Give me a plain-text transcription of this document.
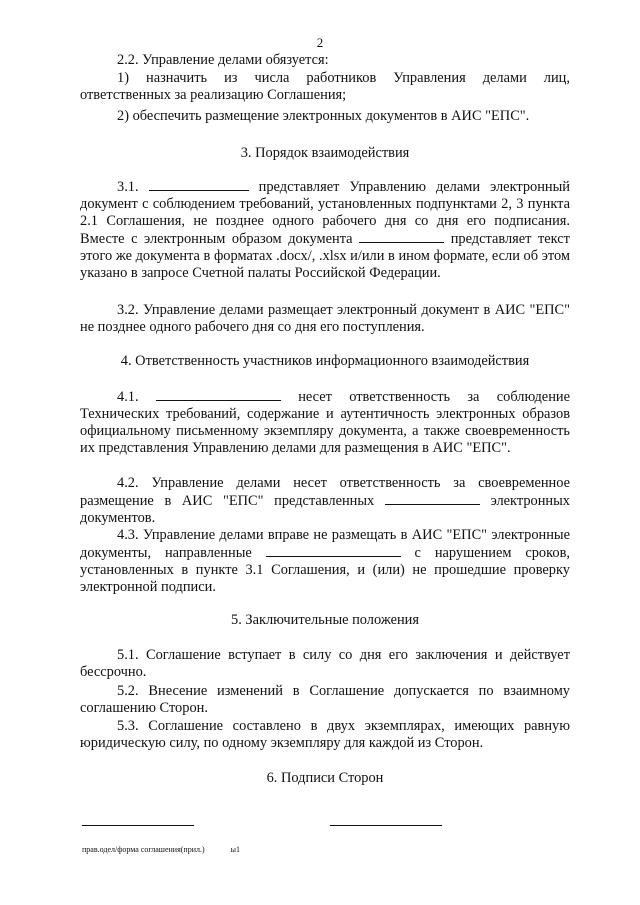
2
2.2. Управление делами обязуется:
1) назначить из числа работников Управления делами лиц, ответственных за реализацию Соглашения;
2) обеспечить размещение электронных документов в АИС "ЕПС".
3. Порядок взаимодействия
3.1.	представляет Управлению делами электронный документ с соблюдением требований, установленных подпунктами 2, 3 пункта 2.1 Соглашения, не позднее одного рабочего дня со дня его подписания. Вместе с электронным образом документа	представляет текст этого же документа в форматах .docx/, .xlsx и/или в ином формате, если об этом указано в запросе Счетной палаты Российской Федерации.
3.2. Управление делами размещает электронный документ в АИС "ЕПС" не позднее одного рабочего дня со дня его поступления.
4. Ответственность участников информационного взаимодействия
4.1.	несет ответственность за соблюдение Технических требований, содержание и аутентичность электронных образов официальному письменному экземпляру документа, а также своевременность их представления Управлению делами для размещения в АИС "ЕПС".
4.2. Управление делами несет ответственность за своевременное размещение в АИС "ЕПС" представленных	электронных документов.
4.3. Управление делами вправе не размещать в АИС "ЕПС" электронные документы, направленные	с нарушением сроков, установленных в пункте 3.1 Соглашения, и (или) не прошедшие проверку электронной подписи.
5. Заключительные положения
5.1. Соглашение вступает в силу со дня его заключения и действует бессрочно.
5.2. Внесение изменений в Соглашение допускается по взаимному соглашению Сторон.
5.3. Соглашение составлено в двух экземплярах, имеющих равную юридическую силу, по одному экземпляру для каждой из Сторон.
6. Подписи Сторон
прав.одел/форма соглашения(прил.)	ы1
